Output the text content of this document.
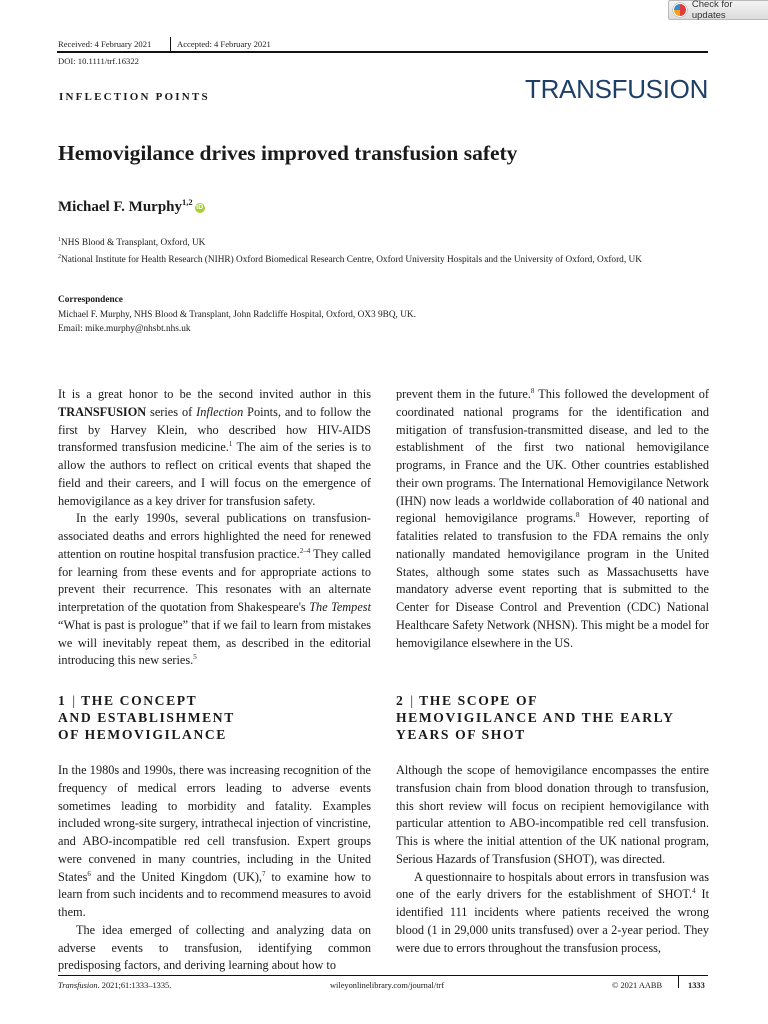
Check for updates
Received: 4 February 2021	Accepted: 4 February 2021
DOI: 10.1111/trf.16322
INFLECTION POINTS	TRANSFUSION
Hemovigilance drives improved transfusion safety
Michael F. Murphy$^{1,2}$iD
$^1$NHS Blood & Transplant, Oxford, UK
$^2$National Institute for Health Research (NIHR) Oxford Biomedical Research Centre, Oxford University Hospitals and the University of Oxford, Oxford, UK
Correspondence
Michael F. Murphy, NHS Blood & Transplant, John Radcliffe Hospital, Oxford, OX3 9BQ, UK.
Email: mike.murphy@nhsbt.nhs.uk

It is a great honor to be the second invited author in this TRANSFUSION series of Inflection Points, and to follow the first by Harvey Klein, who described how HIV-AIDS transformed transfusion medicine.$^1$ The aim of the series is to allow the authors to reflect on critical events that shaped the field and their careers, and I will focus on the emergence of hemovigilance as a key driver for transfusion safety.

In the early 1990s, several publications on transfusion-associated deaths and errors highlighted the need for renewed attention on routine hospital transfusion practice.$^{2-4}$ They called for learning from these events and for appropriate actions to prevent their recurrence. This resonates with an alternate interpretation of the quotation from Shakespeare's The Tempest “What is past is prologue” that if we fail to learn from mistakes we will inevitably repeat them, as described in the editorial introducing this new series.$^5$

1 | THE CONCEPT
AND ESTABLISHMENT
OF HEMOVIGILANCE

In the 1980s and 1990s, there was increasing recognition of the frequency of medical errors leading to adverse events sometimes leading to morbidity and fatality. Examples included wrong-site surgery, intrathecal injection of vincristine, and ABO-incompatible red cell transfusion. Expert groups were convened in many countries, including in the United States$^6$ and the United Kingdom (UK),$^7$ to examine how to learn from such incidents and to recommend measures to avoid them.

The idea emerged of collecting and analyzing data on adverse events to transfusion, identifying common predisposing factors, and deriving learning about how to

prevent them in the future.$^8$ This followed the development of coordinated national programs for the identification and mitigation of transfusion-transmitted disease, and led to the establishment of the first two national hemovigilance programs, in France and the UK. Other countries established their own programs. The International Hemovigilance Network (IHN) now leads a worldwide collaboration of 40 national and regional hemovigilance programs.$^8$ However, reporting of fatalities related to transfusion to the FDA remains the only nationally mandated hemovigilance program in the United States, although some states such as Massachusetts have mandatory adverse event reporting that is submitted to the Center for Disease Control and Prevention (CDC) National Healthcare Safety Network (NHSN). This might be a model for hemovigilance elsewhere in the US.

2 | THE SCOPE OF
HEMOVIGILANCE AND THE EARLY
YEARS OF SHOT

Although the scope of hemovigilance encompasses the entire transfusion chain from blood donation through to transfusion, this short review will focus on recipient hemovigilance with particular attention to ABO-incompatible red cell transfusion. This is where the initial attention of the UK national program, Serious Hazards of Transfusion (SHOT), was directed.

A questionnaire to hospitals about errors in transfusion was one of the early drivers for the establishment of SHOT.$^4$ It identified 111 incidents where patients received the wrong blood (1 in 29,000 units transfused) over a 2-year period. They were due to errors throughout the transfusion process,

Transfusion. 2021;61:1333–1335.	wileyonlinelibrary.com/journal/trf	© 2021 AABB	1333
